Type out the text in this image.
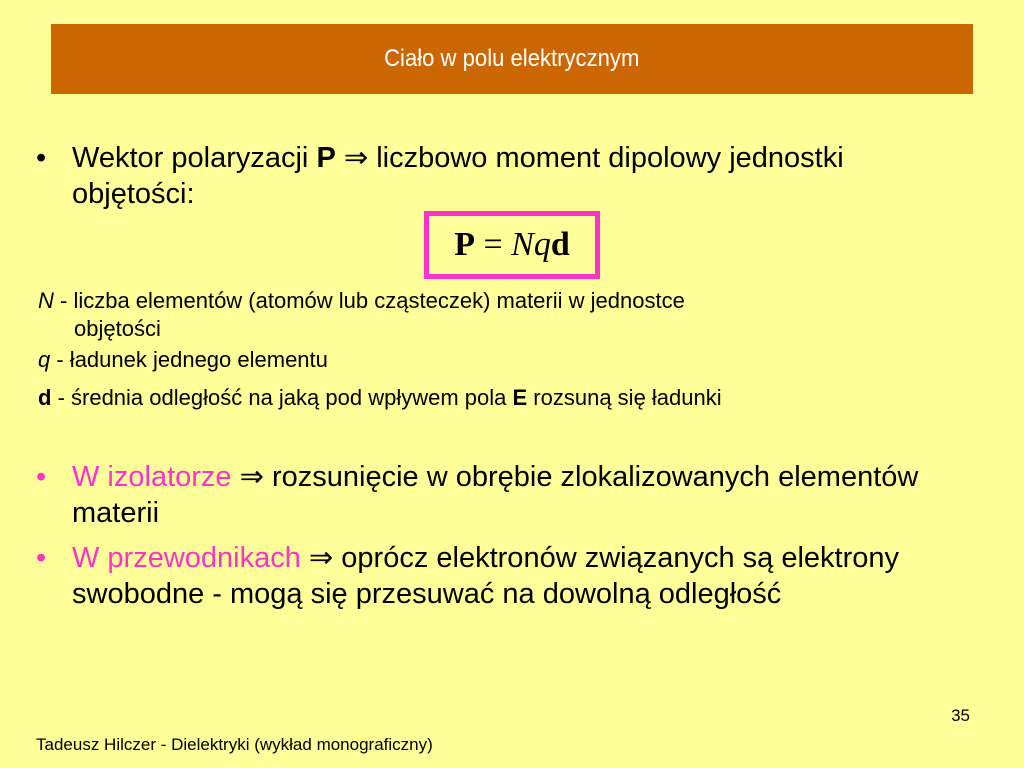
Ciało w polu elektrycznym
• Wektor polaryzacji P ⇒ liczbowo moment dipolowy jednostki objętości:
P = Nq d
N - liczba elementów (atomów lub cząsteczek) materii w jednostce
objętości
q - ładunek jednego elementu
d - średnia odległość na jaką pod wpływem pola E rozsuną się ładunki
• W izolatorze ⇒ rozsunięcie w obrębie zlokalizowanych elementów materii
• W przewodnikach ⇒ oprócz elektronów związanych są elektrony swobodne - mogą się przesuwać na dowolną odległość
35
Tadeusz Hilczer - Dielektryki (wykład monograficzny)
